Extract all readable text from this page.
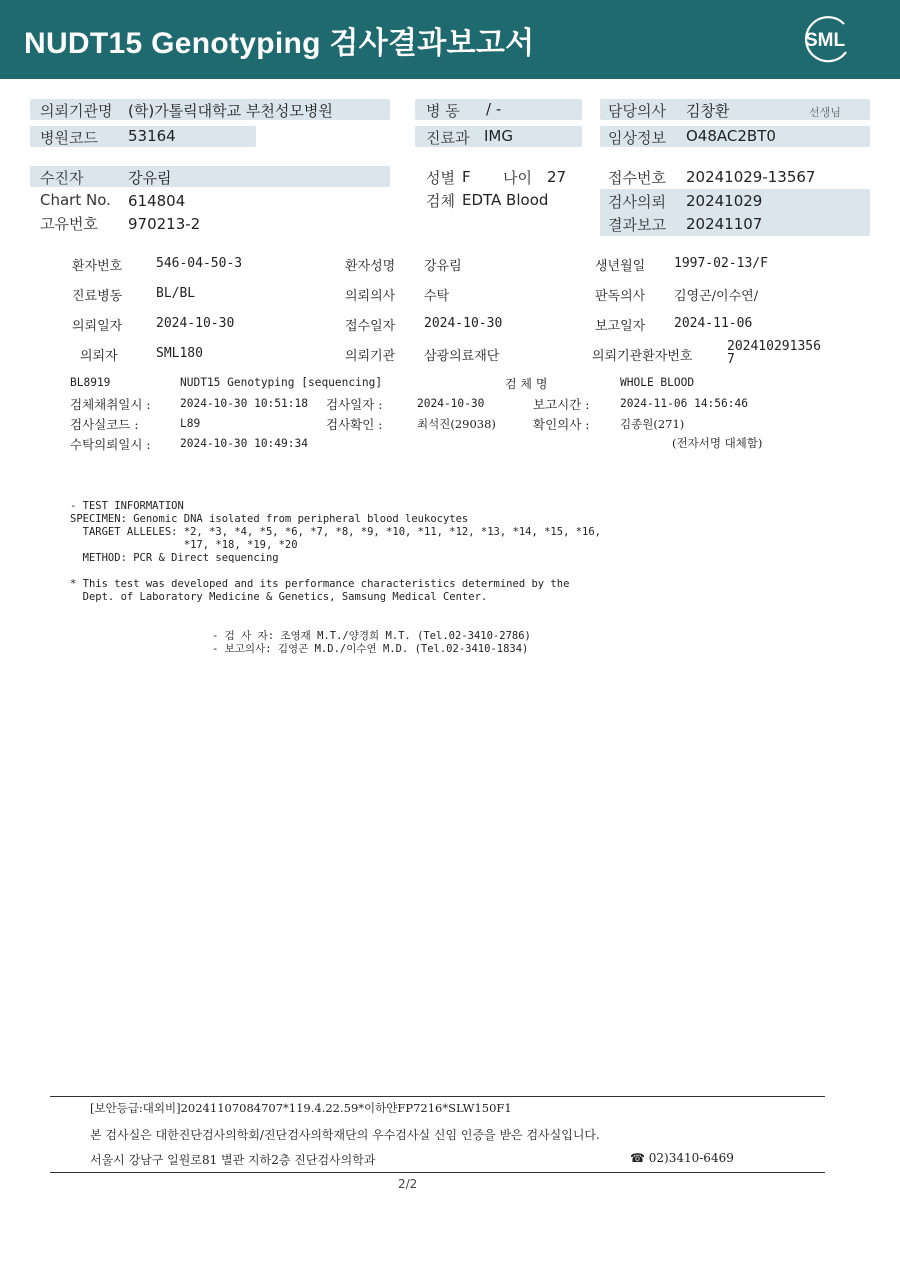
NUDT15 Genotyping 검사결과보고서	SML
의뢰기관명 (학)가톨릭대학교 부천성모병원
병원코드 53164
병 동 / -
진료과 IMG
담당의사 김창환	선생님
임상정보 O48AC2BT0
수진자	강유림
Chart No. 614804
고유번호 970213-2
성별 F 나이 27
검체 EDTA Blood
접수번호 20241029-13567
검사의뢰 20241029
결과보고 20241107
환자번호	546-04-50-3	환자성명 강유림	생년월일 1997-02-13/F
진료병동	BL/BL	의뢰의사 수탁	판독의사 김영곤/이수연/
의뢰일자	2024-10-30	접수일자 2024-10-30	보고일자 2024-11-06
의뢰자	SML180	의뢰기관 삼광의료재단	의뢰기관환자번호
202410291356
7
BL8919	NUDT15 Genotyping [sequencing]	검 체 명	WHOLE BLOOD
검체채취일시 :	2024-10-30 10:51:18 검사일자 :	2024-10-30	보고시간 :	2024-11-06 14:56:46
검사실코드 :	L89	검사확인 :	최석진(29038)	확인의사 :	김종원(271)
수탁의뢰일시 :	2024-10-30 10:49:34	(전자서명 대체함)
- TEST INFORMATION
SPECIMEN: Genomic DNA isolated from peripheral blood leukocytes
TARGET ALLELES: *2, *3, *4, *5, *6, *7, *8, *9, *10, *11, *12, *13, *14, *15, *16,
*17, *18, *19, *20
METHOD: PCR & Direct sequencing
* This test was developed and its performance characteristics determined by the
Dept. of Laboratory Medicine & Genetics, Samsung Medical Center.
- 검 사 자: 조영재 M.T./양경희 M.T. (Tel.02-3410-2786)
- 보고의사: 김영곤 M.D./이수연 M.D. (Tel.02-3410-1834)
[보안등급:대외비]20241107084707*119.4.22.59*이하얀FP7216*SLW150F1
본 검사실은 대한진단검사의학회/진단검사의학재단의 우수검사실 신임 인증을 받은 검사실입니다.
서울시 강남구 일원로81 별관 지하2층 진단검사의학과	☎ 02)3410-6469
2/2
